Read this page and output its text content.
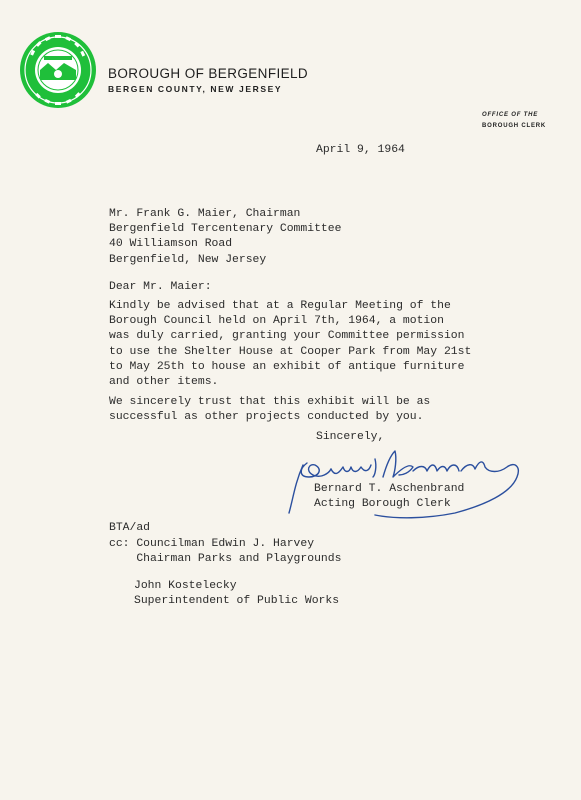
BOROUGH OF BERGENFIELD
BERGEN COUNTY, NEW JERSEY
OFFICE OF THE
BOROUGH CLERK
April 9, 1964
Mr. Frank G. Maier, Chairman
Bergenfield Tercentenary Committee
40 Williamson Road
Bergenfield, New Jersey
Dear Mr. Maier:
Kindly be advised that at a Regular Meeting of the
Borough Council held on April 7th, 1964, a motion
was duly carried, granting your Committee permission
to use the Shelter House at Cooper Park from May 21st
to May 25th to house an exhibit of antique furniture
and other items.
We sincerely trust that this exhibit will be as
successful as other projects conducted by you.
Sincerely,
Bernard T. Aschenbrand
Acting Borough Clerk
BTA/ad
cc: Councilman Edwin J. Harvey
Chairman Parks and Playgrounds
John Kostelecky
Superintendent of Public Works
